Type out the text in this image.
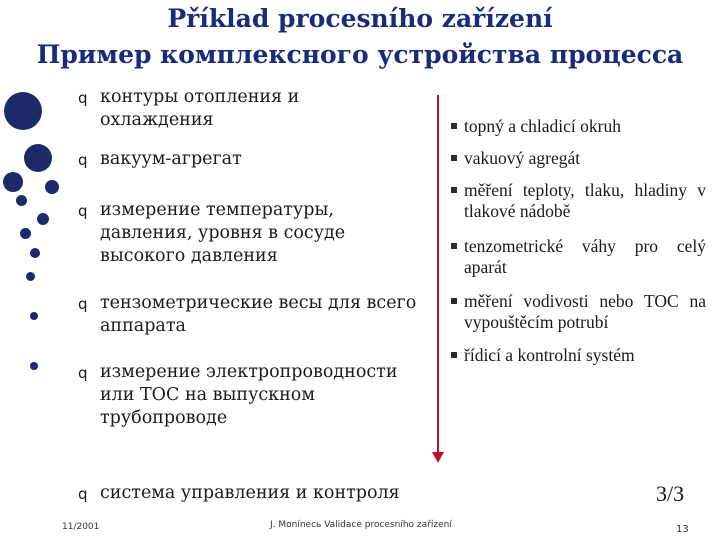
Příklad procesního zařízení
Пример комплексного устройства процесса
q контуры отопления и охлаждения
q вакуум-агрегат
q измерение температуры, давления, уровня в сосуде высокого давления
q тензометрические весы для всего аппарата
q измерение электропроводности или TOC на выпускном трубопроводе
q система управления и контроля
topný a chladicí okruh
vakuový agregát
měření teploty, tlaku, hladiny v tlakové nádobě
tenzometrické váhy pro celý aparát
měření vodivosti nebo TOC na vypouštěcím potrubí
řídicí a kontrolní systém
11/2001	J. Moníneсь Validace procesního zařízení
3/3
13
